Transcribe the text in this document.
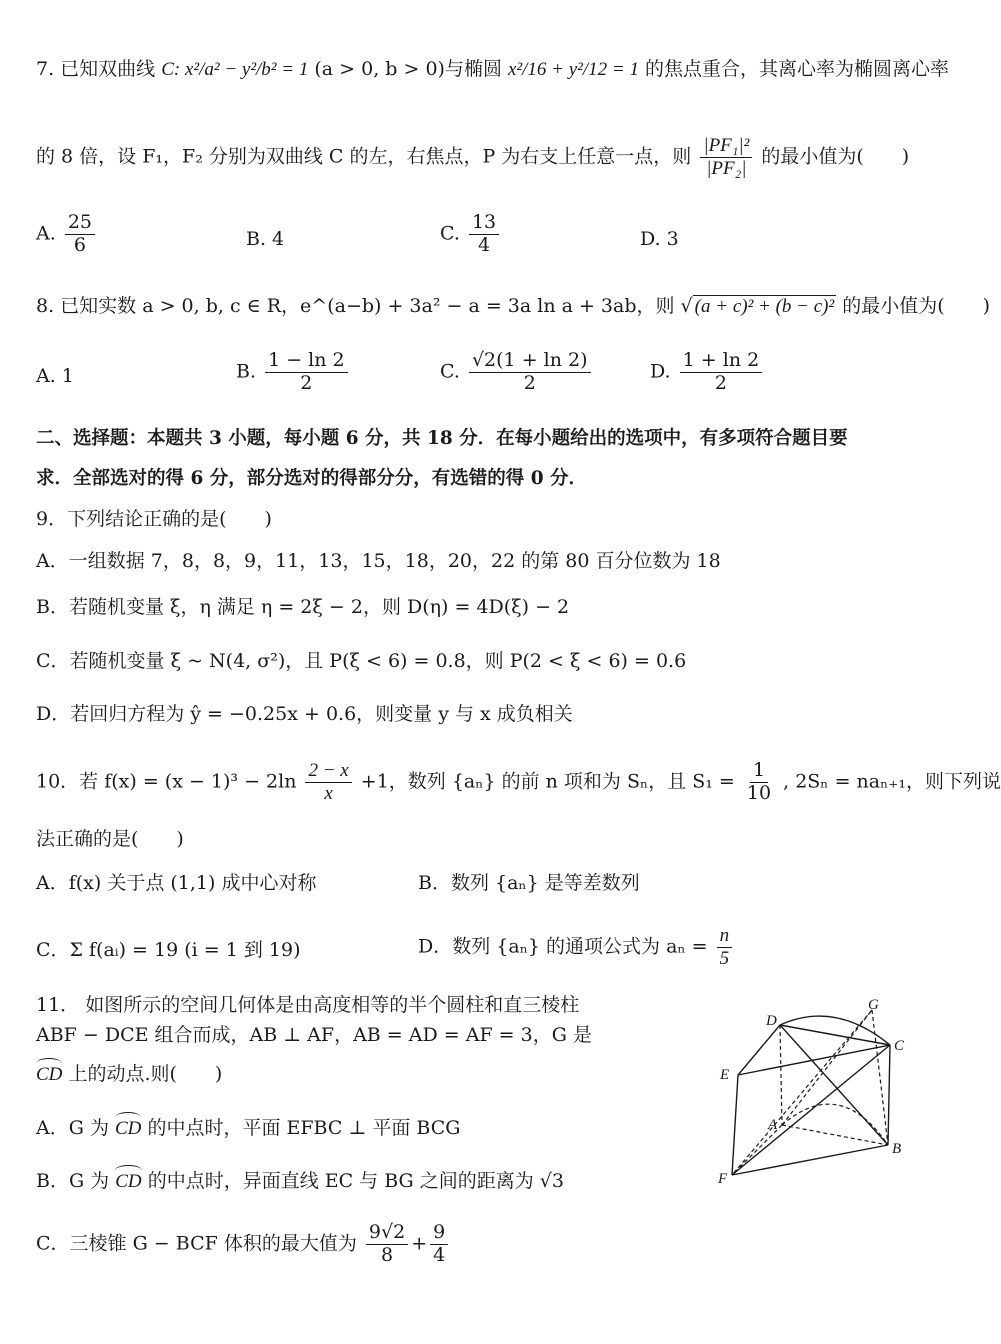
7. 已知双曲线 C: x²/a² − y²/b² = 1 (a > 0, b > 0)与椭圆 x²/16 + y²/12 = 1 的焦点重合，其离心率为椭圆离心率
的 8 倍，设 F₁，F₂ 分别为双曲线 C 的左，右焦点，P 为右支上任意一点，则 $\frac{\text{|PF₁|²}}{\text{|PF₂|}}$ 的最小值为(　　)
A. $\frac{25}{6}$	B. 4	C. $\frac{13}{4}$	D. 3
8. 已知实数 a > 0, b, c ∈ R，e^(a−b) + 3a² − a = 3a ln a + 3ab，则 √ (a + c)² + (b − c)² 的最小值为(　　)
A. 1	B. $\frac{1 - \ln 2}{2}$	C. $\frac{√2(1 + \ln 2)}{2}$	D. $\frac{1 + \ln 2}{2}$
二、选择题：本题共 3 小题，每小题 6 分，共 18 分．在每小题给出的选项中，有多项符合题目要
求．全部选对的得 6 分，部分选对的得部分分，有选错的得 0 分．
9．下列结论正确的是(　　)
A．一组数据 7，8，8，9，11，13，15，18，20，22 的第 80 百分位数为 18
B．若随机变量 ξ，η 满足 η = 2ξ − 2，则 D(η) = 4D(ξ) − 2
C．若随机变量 ξ ~ N(4, σ²)，且 P(ξ < 6) = 0.8，则 P(2 < ξ < 6) = 0.6
D．若回归方程为 ŷ = −0.25x + 0.6，则变量 y 与 x 成负相关
10．若 $f(x) = (x - 1)^3 - 2\ln \frac{2 - x}{x} +1$，数列 {aₙ} 的前 n 项和为 Sₙ，且 $S_1 = \frac{1}{10}$ , 2Sₙ = naₙ₊₁，则下列说
法正确的是(　　)
A．f(x) 关于点 (1,1) 成中心对称	B．数列 {aₙ} 是等差数列
C．Σ f(aᵢ) = 19 (i = 1 到 19)	D．数列 {aₙ} 的通项公式为 $a_n = \frac{n}{5}$
11． 如图所示的空间几何体是由高度相等的半个圆柱和直三棱柱
ABF − DCE 组合而成，AB ⊥ AF，AB = AD = AF = 3，G 是
CD 上的动点.则(　　)
A．G 为 CD 的中点时，平面 EFBC ⊥ 平面 BCG
B．G 为 CD 的中点时，异面直线 EC 与 BG 之间的距离为 √3
C．三棱锥 G − BCF 体积的最大值为 $\frac{9√2}{8} + \frac{9}{4}$
D
G
C
E
A
B
F
